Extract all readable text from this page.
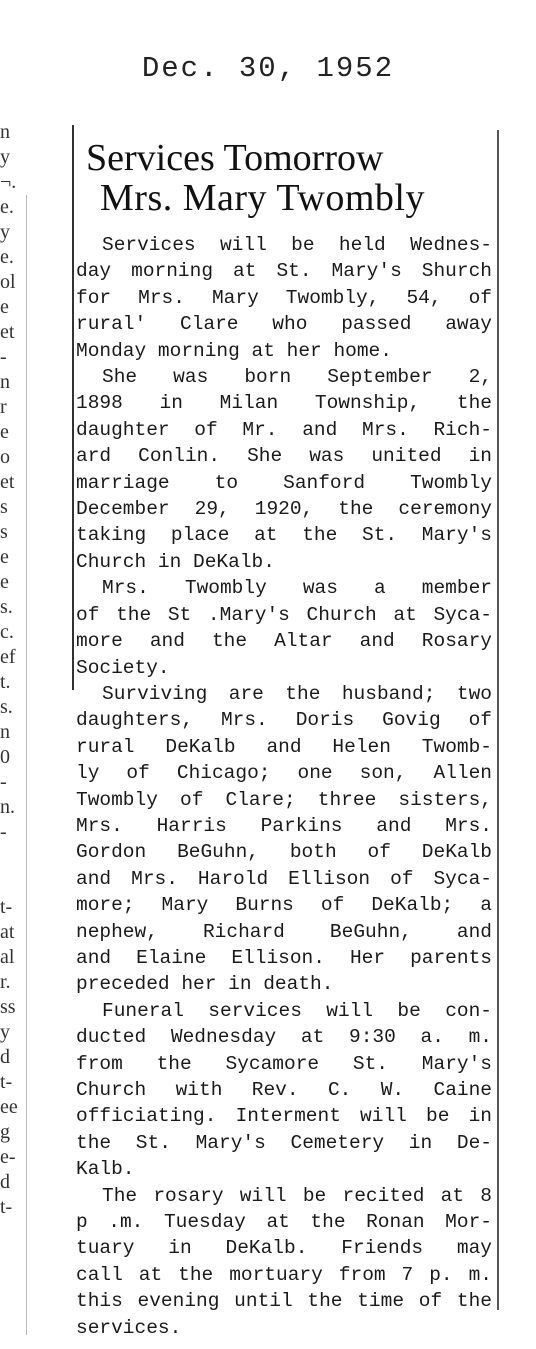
Dec. 30, 1952
n
y
¬.
e.
y
e.
ol
e
et
-
n
r
e
o
et
s
s
e
e
s.
c.
ef
t.
s.
n
0
-
n.
-
t-
at
al
r.
ss
y
d
t-
ee
g
e-
d
t-
Services Tomorrow
Mrs. Mary Twombly
Services will be held Wednes-
day morning at St. Mary's Shurch
for Mrs. Mary Twombly, 54, of
rural' Clare who passed away
Monday morning at her home.
She was born September 2,
1898 in Milan Township, the
daughter of Mr. and Mrs. Rich-
ard Conlin. She was united in
marriage to Sanford Twombly
December 29, 1920, the ceremony
taking place at the St. Mary's
Church in DeKalb.
Mrs. Twombly was a member
of the St .Mary's Church at Syca-
more and the Altar and Rosary
Society.
Surviving are the husband; two
daughters, Mrs. Doris Govig of
rural DeKalb and Helen Twomb-
ly of Chicago; one son, Allen
Twombly of Clare; three sisters,
Mrs. Harris Parkins and Mrs.
Gordon BeGuhn, both of DeKalb
and Mrs. Harold Ellison of Syca-
more; Mary Burns of DeKalb; a
nephew, Richard BeGuhn, and
and Elaine Ellison. Her parents
preceded her in death.
Funeral services will be con-
ducted Wednesday at 9:30 a. m.
from the Sycamore St. Mary's
Church with Rev. C. W. Caine
officiating. Interment will be in
the St. Mary's Cemetery in De-
Kalb.
The rosary will be recited at 8
p .m. Tuesday at the Ronan Mor-
tuary in DeKalb. Friends may
call at the mortuary from 7 p. m.
this evening until the time of the
services.
